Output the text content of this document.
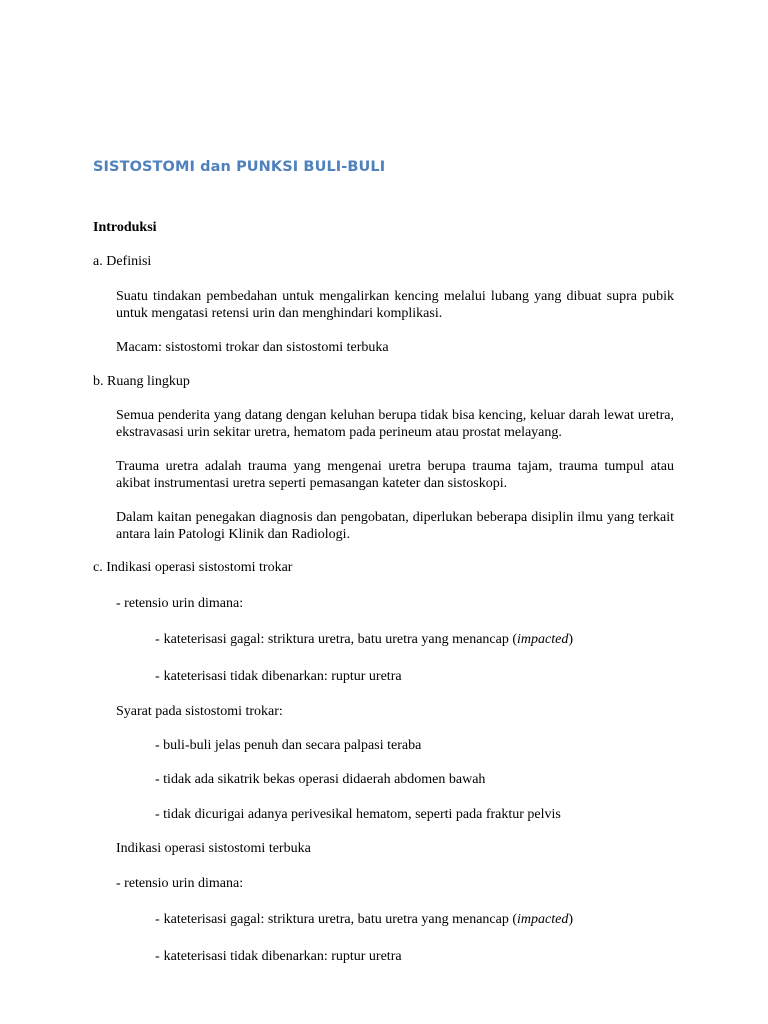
SISTOSTOMI dan PUNKSI BULI-BULI
Introduksi
a. Definisi

Suatu tindakan pembedahan untuk mengalirkan kencing melalui lubang yang dibuat supra pubik untuk mengatasi retensi urin dan menghindari komplikasi.

Macam: sistostomi trokar dan sistostomi terbuka
b. Ruang lingkup

Semua penderita yang datang dengan keluhan berupa tidak bisa kencing, keluar darah lewat uretra, ekstravasasi urin sekitar uretra, hematom pada perineum atau prostat melayang.

Trauma uretra adalah trauma yang mengenai uretra berupa trauma tajam, trauma tumpul atau akibat instrumentasi uretra seperti pemasangan kateter dan sistoskopi.

Dalam kaitan penegakan diagnosis dan pengobatan, diperlukan beberapa disiplin ilmu yang terkait antara lain Patologi Klinik dan Radiologi.

c. Indikasi operasi sistostomi trokar
- retensio urin dimana:
- kateterisasi gagal: striktura uretra, batu uretra yang menancap (impacted)
- kateterisasi tidak dibenarkan: ruptur uretra
Syarat pada sistostomi trokar:
- buli-buli jelas penuh dan secara palpasi teraba
- tidak ada sikatrik bekas operasi didaerah abdomen bawah
- tidak dicurigai adanya perivesikal hematom, seperti pada fraktur pelvis
Indikasi operasi sistostomi terbuka
- retensio urin dimana:
- kateterisasi gagal: striktura uretra, batu uretra yang menancap (impacted)
- kateterisasi tidak dibenarkan: ruptur uretra
